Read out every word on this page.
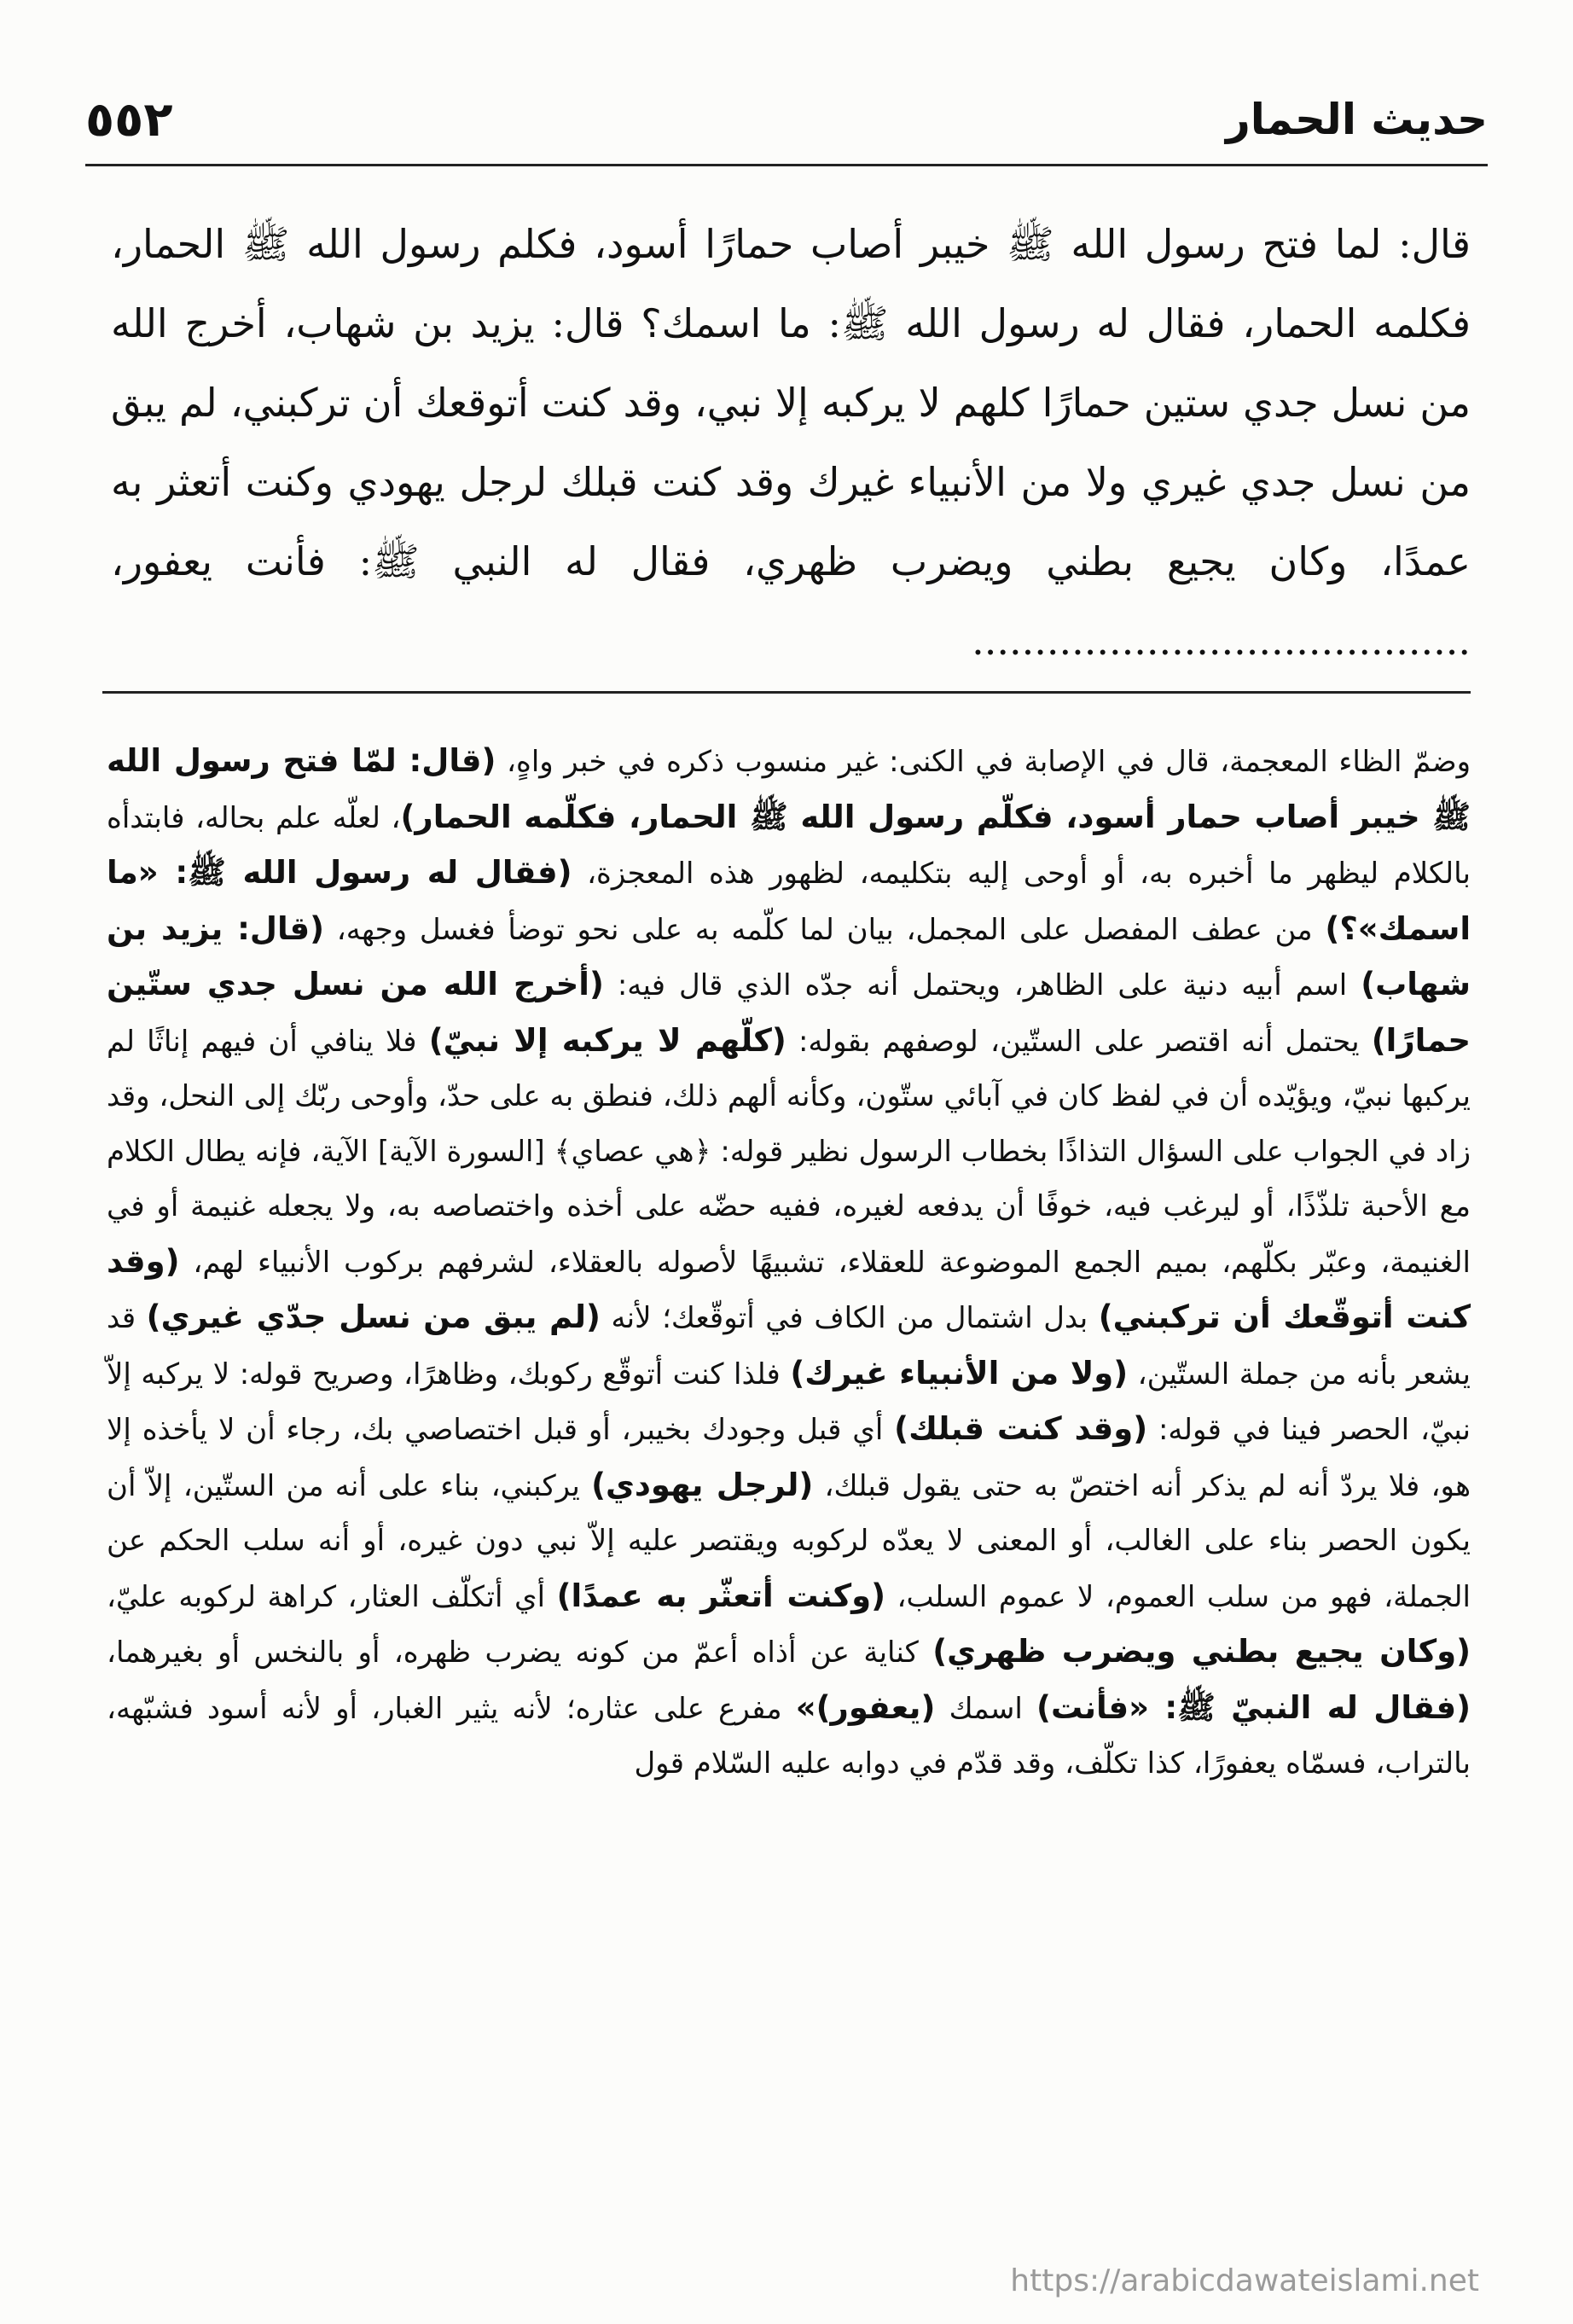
حديث الحمار
٥٥٢
قال: لما فتح رسول الله ﷺ خيبر أصاب حمارًا أسود، فكلم رسول الله ﷺ الحمار، فكلمه الحمار، فقال له رسول الله ﷺ: ما اسمك؟ قال: يزيد بن شهاب، أخرج الله من نسل جدي ستين حمارًا كلهم لا يركبه إلا نبي، وقد كنت أتوقعك أن تركبني، لم يبق من نسل جدي غيري ولا من الأنبياء غيرك وقد كنت قبلك لرجل يهودي وكنت أتعثر به عمدًا، وكان يجيع بطني ويضرب ظهري، فقال له النبي ﷺ: فأنت يعفور، ........................................
وضمّ الظاء المعجمة، قال في الإصابة في الكنى: غير منسوب ذكره في خبر واهٍ، (قال: لمّا فتح رسول الله ﷺ خيبر أصاب حمار أسود، فكلّم رسول الله ﷺ الحمار، فكلّمه الحمار)، لعلّه علم بحاله، فابتدأه بالكلام ليظهر ما أخبره به، أو أوحى إليه بتكليمه، لظهور هذه المعجزة، (فقال له رسول الله ﷺ: «ما اسمك»؟) من عطف المفصل على المجمل، بيان لما كلّمه به على نحو توضأ فغسل وجهه، (قال: يزيد بن شهاب) اسم أبيه دنية على الظاهر، ويحتمل أنه جدّه الذي قال فيه: (أخرج الله من نسل جدي ستّين حمارًا) يحتمل أنه اقتصر على الستّين، لوصفهم بقوله: (كلّهم لا يركبه إلا نبيّ) فلا ينافي أن فيهم إناثًا لم يركبها نبيّ، ويؤيّده أن في لفظ كان في آبائي ستّون، وكأنه ألهم ذلك، فنطق به على حدّ، وأوحى ربّك إلى النحل، وقد زاد في الجواب على السؤال التذاذًا بخطاب الرسول نظير قوله: ﴿هي عصاي﴾ [السورة الآية] الآية، فإنه يطال الكلام مع الأحبة تلذّذًا، أو ليرغب فيه، خوفًا أن يدفعه لغيره، ففيه حضّه على أخذه واختصاصه به، ولا يجعله غنيمة أو في الغنيمة، وعبّر بكلّهم، بميم الجمع الموضوعة للعقلاء، تشبيهًا لأصوله بالعقلاء، لشرفهم بركوب الأنبياء لهم، (وقد كنت أتوقّعك أن تركبني) بدل اشتمال من الكاف في أتوقّعك؛ لأنه (لم يبق من نسل جدّي غيري) قد يشعر بأنه من جملة الستّين، (ولا من الأنبياء غيرك) فلذا كنت أتوقّع ركوبك، وظاهرًا، وصريح قوله: لا يركبه إلاّ نبيّ، الحصر فينا في قوله: (وقد كنت قبلك) أي قبل وجودك بخيبر، أو قبل اختصاصي بك، رجاء أن لا يأخذه إلا هو، فلا يردّ أنه لم يذكر أنه اختصّ به حتى يقول قبلك، (لرجل يهودي) يركبني، بناء على أنه من الستّين، إلاّ أن يكون الحصر بناء على الغالب، أو المعنى لا يعدّه لركوبه ويقتصر عليه إلاّ نبي دون غيره، أو أنه سلب الحكم عن الجملة، فهو من سلب العموم، لا عموم السلب، (وكنت أتعثّر به عمدًا) أي أتكلّف العثار، كراهة لركوبه عليّ، (وكان يجيع بطني ويضرب ظهري) كناية عن أذاه أعمّ من كونه يضرب ظهره، أو بالنخس أو بغيرهما، (فقال له النبيّ ﷺ: «فأنت) اسمك (يعفور)» مفرع على عثاره؛ لأنه يثير الغبار، أو لأنه أسود فشبّهه، بالتراب، فسمّاه يعفورًا، كذا تكلّف، وقد قدّم في دوابه عليه السّلام قول
https://arabicdawateislami.net
